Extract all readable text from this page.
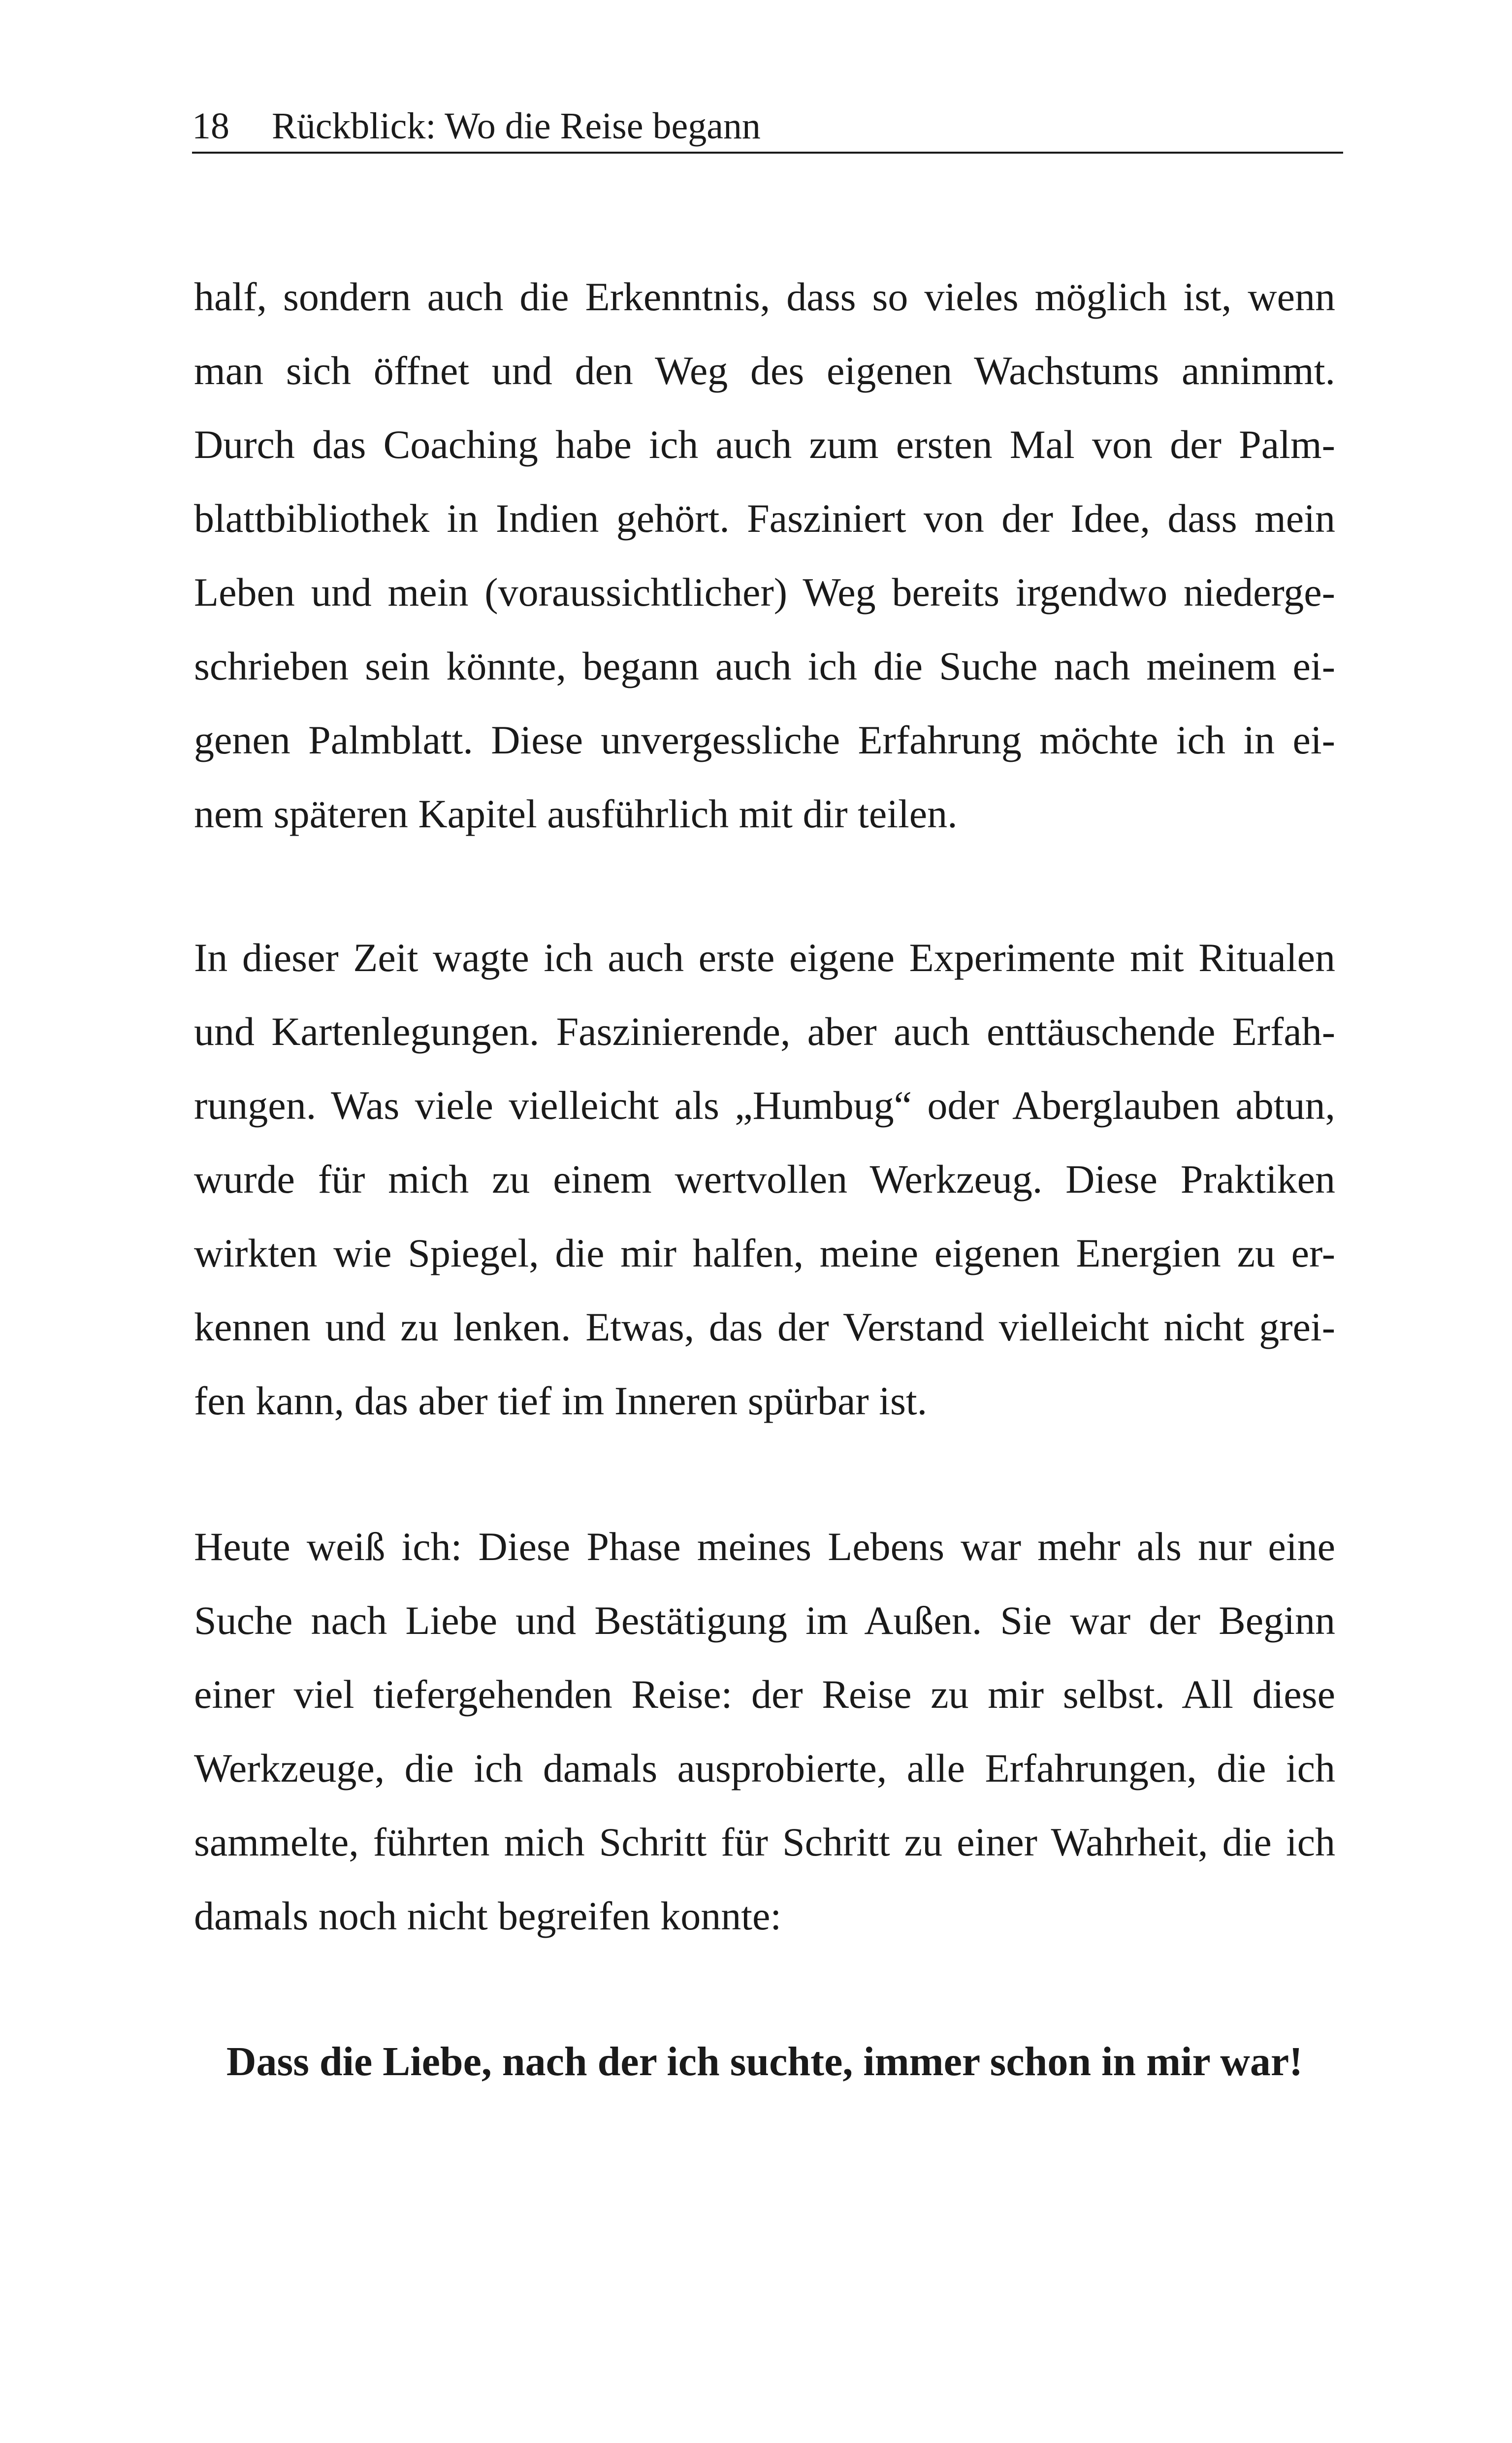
18 Rückblick: Wo die Reise begann
half, sondern auch die Erkenntnis, dass so vieles möglich ist, wenn
man sich öffnet und den Weg des eigenen Wachstums annimmt.
Durch das Coaching habe ich auch zum ersten Mal von der Palm-
blattbibliothek in Indien gehört. Fasziniert von der Idee, dass mein
Leben und mein (voraussichtlicher) Weg bereits irgendwo niederge-
schrieben sein könnte, begann auch ich die Suche nach meinem ei-
genen Palmblatt. Diese unvergessliche Erfahrung möchte ich in ei-
nem späteren Kapitel ausführlich mit dir teilen.
In dieser Zeit wagte ich auch erste eigene Experimente mit Ritualen
und Kartenlegungen. Faszinierende, aber auch enttäuschende Erfah-
rungen. Was viele vielleicht als „Humbug“ oder Aberglauben abtun,
wurde für mich zu einem wertvollen Werkzeug. Diese Praktiken
wirkten wie Spiegel, die mir halfen, meine eigenen Energien zu er-
kennen und zu lenken. Etwas, das der Verstand vielleicht nicht grei-
fen kann, das aber tief im Inneren spürbar ist.
Heute weiß ich: Diese Phase meines Lebens war mehr als nur eine
Suche nach Liebe und Bestätigung im Außen. Sie war der Beginn
einer viel tiefergehenden Reise: der Reise zu mir selbst. All diese
Werkzeuge, die ich damals ausprobierte, alle Erfahrungen, die ich
sammelte, führten mich Schritt für Schritt zu einer Wahrheit, die ich
damals noch nicht begreifen konnte:
Dass die Liebe, nach der ich suchte, immer schon in mir war!
